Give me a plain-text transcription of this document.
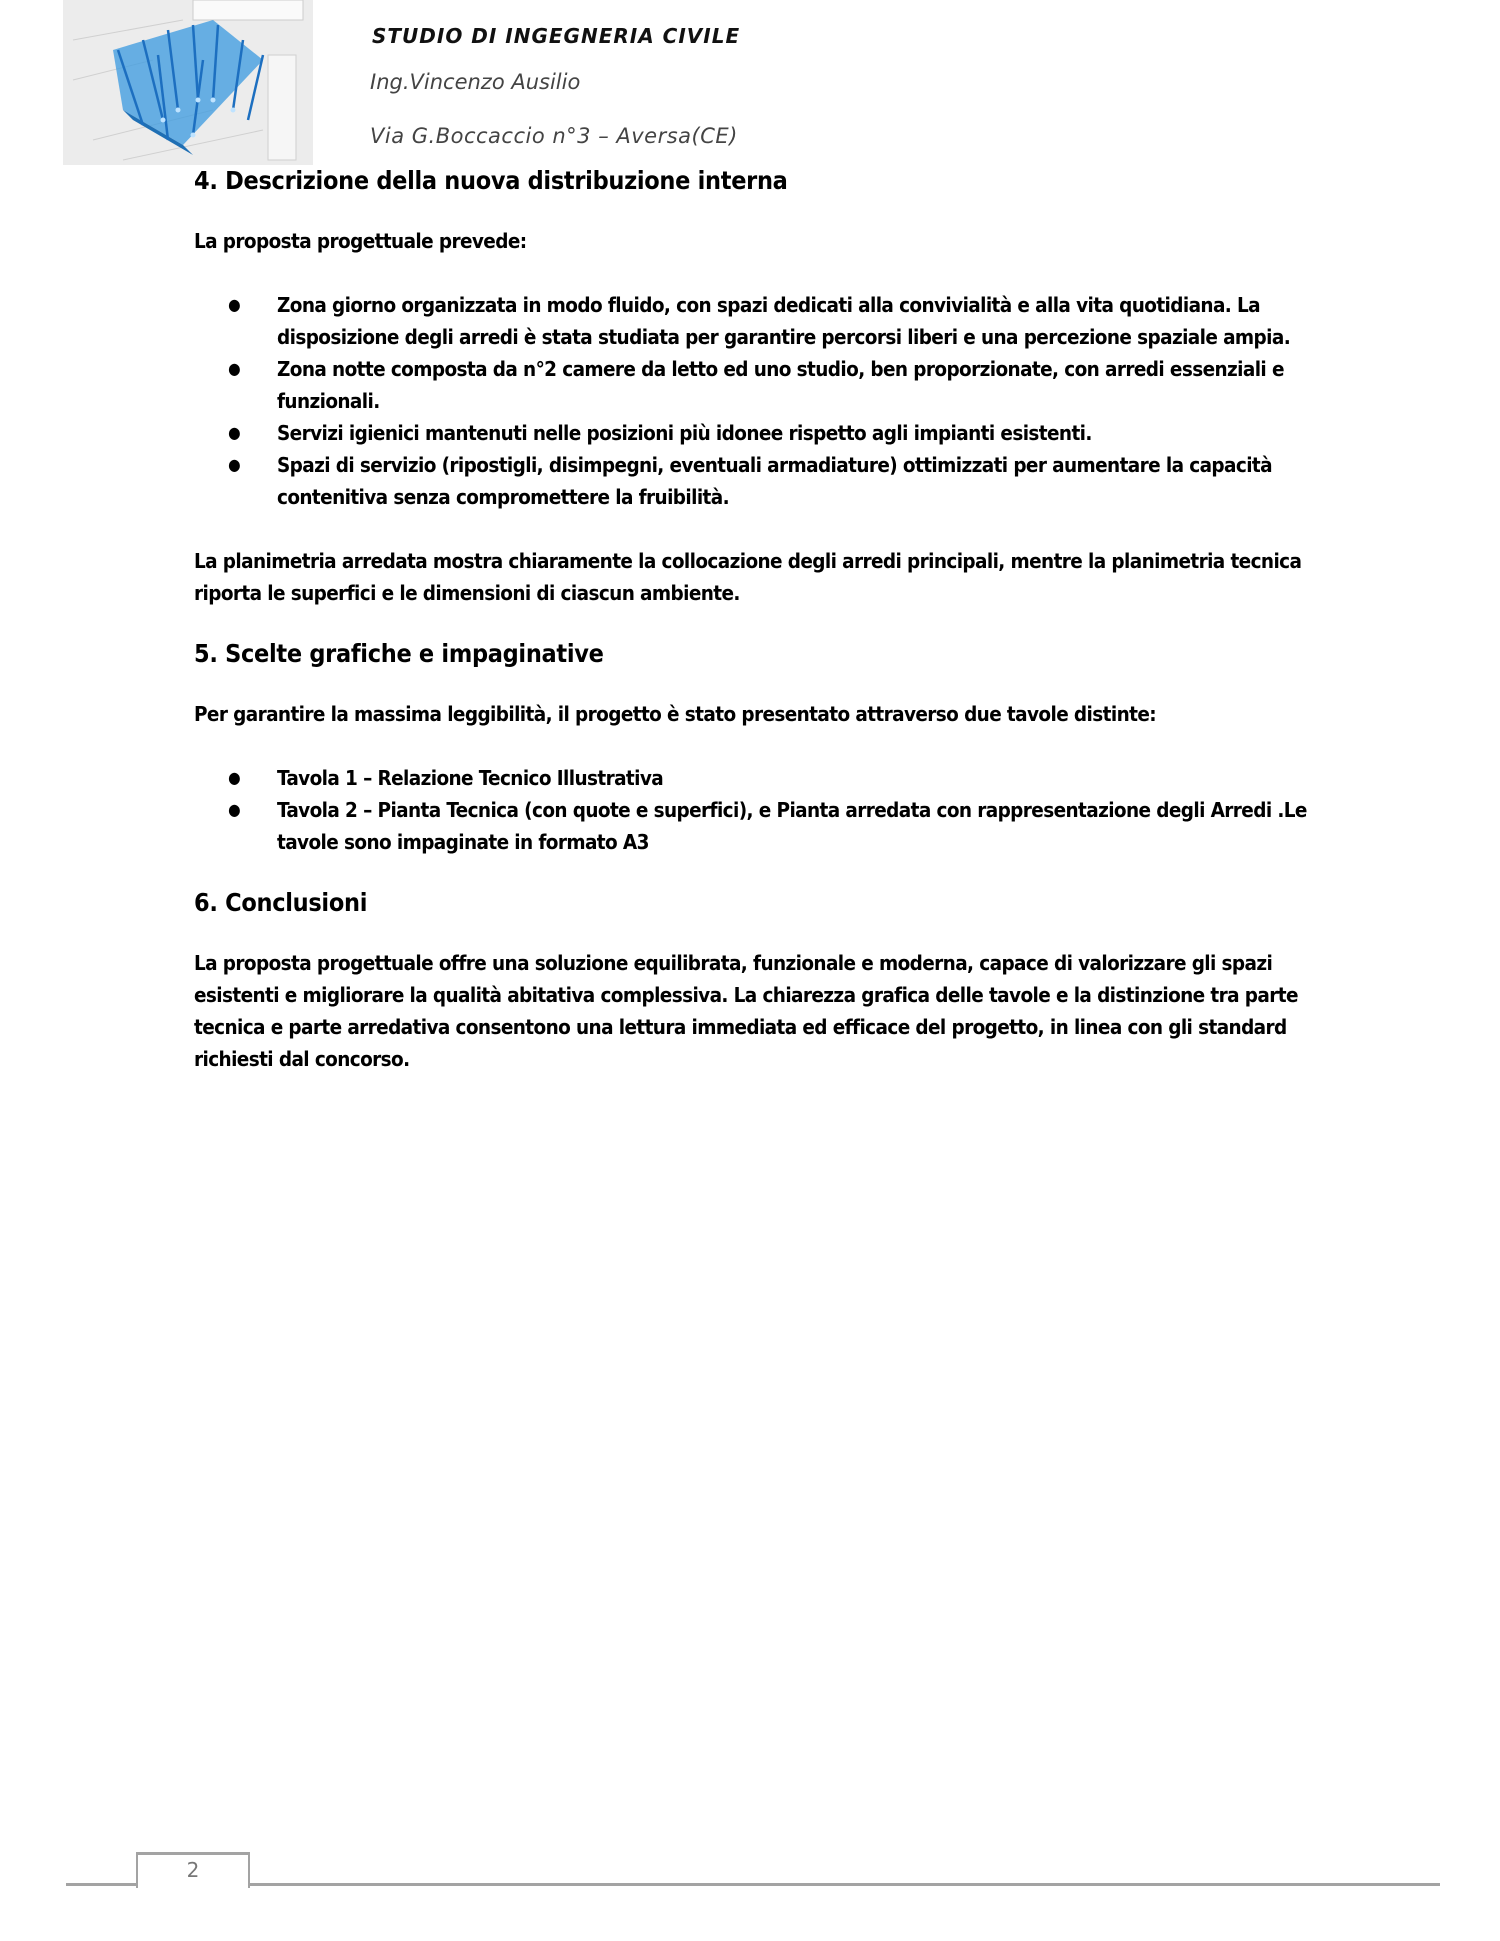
STUDIO DI INGEGNERIA CIVILE
Ing.Vincenzo Ausilio
Via G.Boccaccio n°3 – Aversa(CE)
4. Descrizione della nuova distribuzione interna

La proposta progettuale prevede:

● Zona giorno organizzata in modo fluido, con spazi dedicati alla convivialità e alla vita quotidiana. La disposizione degli arredi è stata studiata per garantire percorsi liberi e una percezione spaziale ampia.
● Zona notte composta da n°2 camere da letto ed uno studio, ben proporzionate, con arredi essenziali e funzionali.
● Servizi igienici mantenuti nelle posizioni più idonee rispetto agli impianti esistenti.
● Spazi di servizio (ripostigli, disimpegni, eventuali armadiature) ottimizzati per aumentare la capacità contenitiva senza compromettere la fruibilità.

La planimetria arredata mostra chiaramente la collocazione degli arredi principali, mentre la planimetria tecnica riporta le superfici e le dimensioni di ciascun ambiente.

5. Scelte grafiche e impaginative

Per garantire la massima leggibilità, il progetto è stato presentato attraverso due tavole distinte:

● Tavola 1 – Relazione Tecnico Illustrativa
● Tavola 2 – Pianta Tecnica (con quote e superfici), e Pianta arredata con rappresentazione degli Arredi .Le tavole sono impaginate in formato A3
6. Conclusioni

La proposta progettuale offre una soluzione equilibrata, funzionale e moderna, capace di valorizzare gli spazi esistenti e migliorare la qualità abitativa complessiva. La chiarezza grafica delle tavole e la distinzione tra parte tecnica e parte arredativa consentono una lettura immediata ed efficace del progetto, in linea con gli standard richiesti dal concorso.

2
